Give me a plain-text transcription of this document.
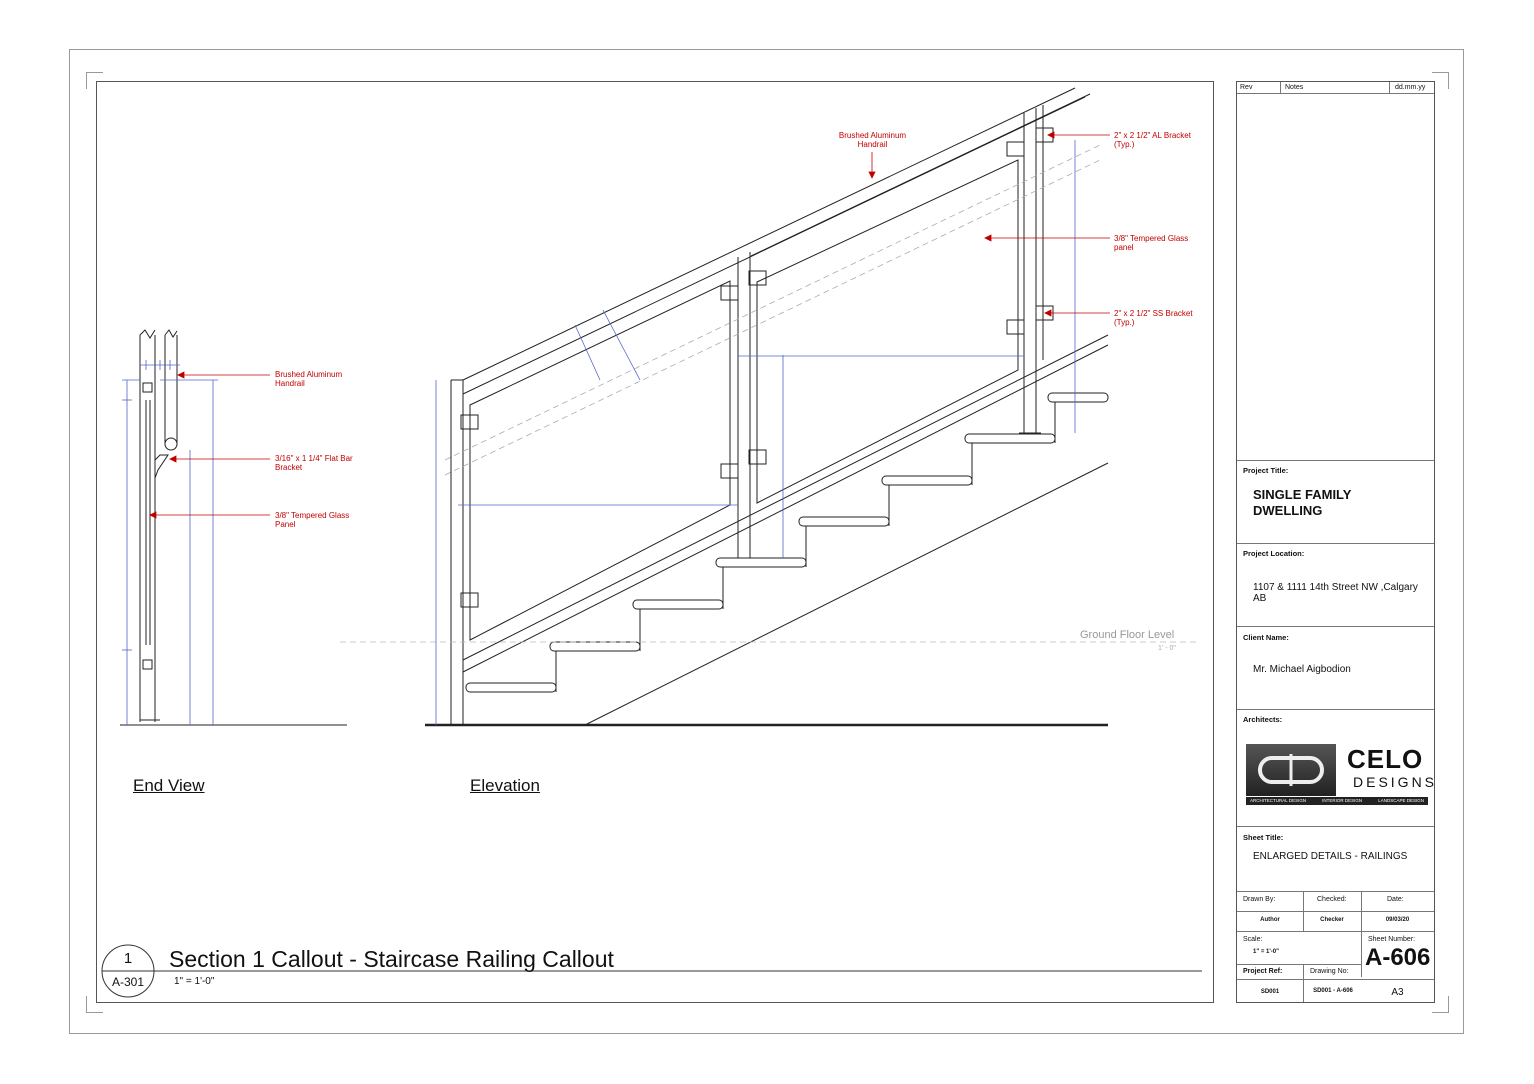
Brushed Aluminum
Handrail
3/16" x 1 1/4" Flat Bar
Bracket
3/8" Tempered Glass
Panel
Brushed Aluminum
Handrail
2" x 2 1/2" AL Bracket
(Typ.)
3/8" Tempered Glass
panel
2" x 2 1/2" SS Bracket
(Typ.)
Ground Floor Level
1' - 0"
End View	Elevation
1
A-301
Section 1 Callout - Staircase Railing Callout
1" = 1'-0"
Rev	Notes	dd.mm.yy
Project Title:
SINGLE FAMILY
DWELLING
Project Location:
1107 & 1111 14th Street NW ,Calgary
AB
Client Name:
Mr. Michael Aigbodion
Architects:
CELO
DESIGNS
ARCHITECTURAL DESIGN	INTERIOR DESIGN	LANDSCAPE DESIGN
Sheet Title:
ENLARGED DETAILS - RAILINGS
Drawn By:	Checked:	Date:
Author	Checker	09/03/20
Scale:
1" = 1'-0"
Sheet Number:
A-606
Project Ref:	Drawing No:
SD001	SD001 - A-606	A3
